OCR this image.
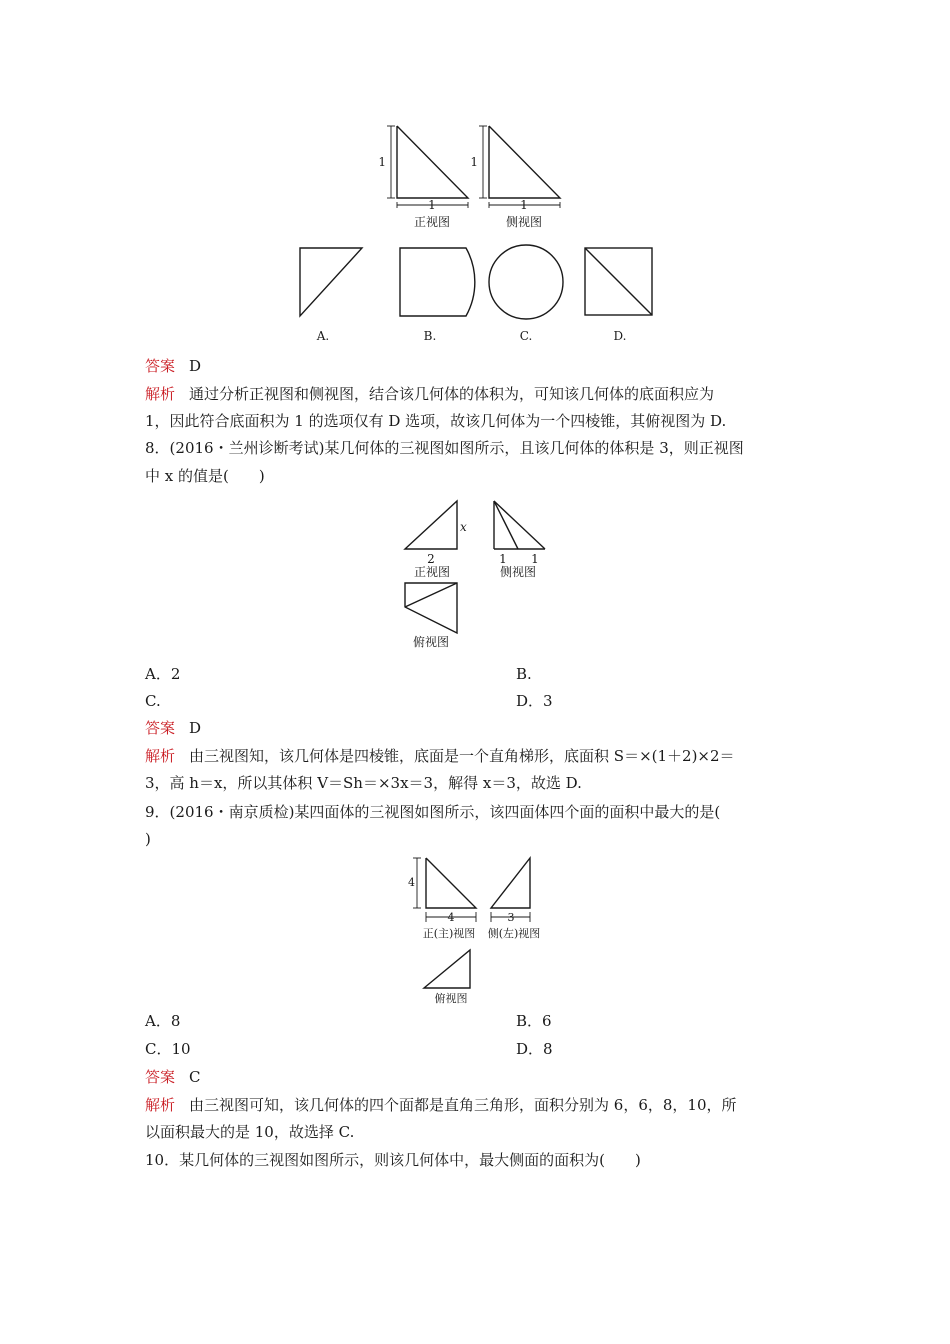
1
1
正视图
1
1
侧视图
A.	B.	C.	D.
答案 D
解析 通过分析正视图和侧视图，结合该几何体的体积为，可知该几何体的底面积应为
1，因此符合底面积为 1 的选项仅有 D 选项，故该几何体为一个四棱锥，其俯视图为 D.
8．(2016・兰州诊断考试)某几何体的三视图如图所示，且该几何体的体积是 3，则正视图
中 x 的值是(　　)
x
2
正视图
1 1
侧视图
俯视图
A．2	B.
C.	D．3
答案 D
解析 由三视图知，该几何体是四棱锥，底面是一个直角梯形，底面积 S＝×(1＋2)×2＝
3，高 h＝x，所以其体积 V＝Sh＝×3x＝3，解得 x＝3，故选 D.
9．(2016・南京质检)某四面体的三视图如图所示，该四面体四个面的面积中最大的是(
)
4
4
正(主)视图
3
侧(左)视图
俯视图
A．8	B．6
C．10	D．8
答案 C
解析 由三视图可知，该几何体的四个面都是直角三角形，面积分别为 6，6，8，10，所
以面积最大的是 10，故选择 C.
10．某几何体的三视图如图所示，则该几何体中，最大侧面的面积为(　　)
